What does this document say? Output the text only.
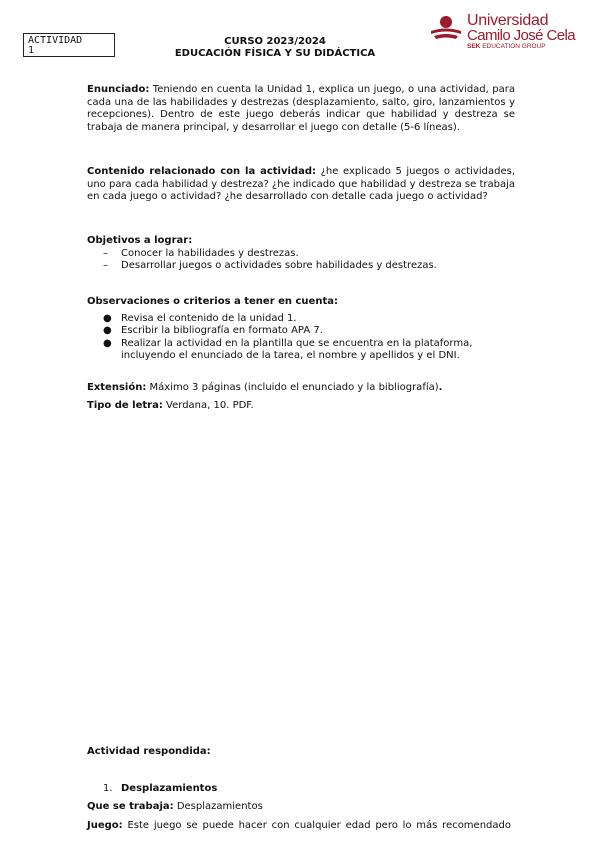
ACTIVIDAD
1
CURSO 2023/2024
EDUCACIÓN FÍSICA Y SU DIDÁCTICA
Universidad
Camilo José Cela
SEK EDUCATION GROUP

Enunciado: Teniendo en cuenta la Unidad 1, explica un juego, o una actividad, para cada una de las habilidades y destrezas (desplazamiento, salto, giro, lanzamientos y recepciones). Dentro de este juego deberás indicar que habilidad y destreza se trabaja de manera principal, y desarrollar el juego con detalle (5-6 líneas).

Contenido relacionado con la actividad: ¿he explicado 5 juegos o actividades, uno para cada habilidad y destreza? ¿he indicado que habilidad y destreza se trabaja en cada juego o actividad? ¿he desarrollado con detalle cada juego o actividad?

Objetivos a lograr:
– Conocer la habilidades y destrezas.
– Desarrollar juegos o actividades sobre habilidades y destrezas.
Observaciones o criterios a tener en cuenta:
● Revisa el contenido de la unidad 1.
● Escribir la bibliografía en formato APA 7.
● Realizar la actividad en la plantilla que se encuentra en la plataforma, incluyendo el enunciado de la tarea, el nombre y apellidos y el DNI.

Extensión: Máximo 3 páginas (incluido el enunciado y la bibliografía).

Tipo de letra: Verdana, 10. PDF.

Actividad respondida:
1. Desplazamientos

Que se trabaja: Desplazamientos

Juego: Este juego se puede hacer con cualquier edad pero lo más recomendado
